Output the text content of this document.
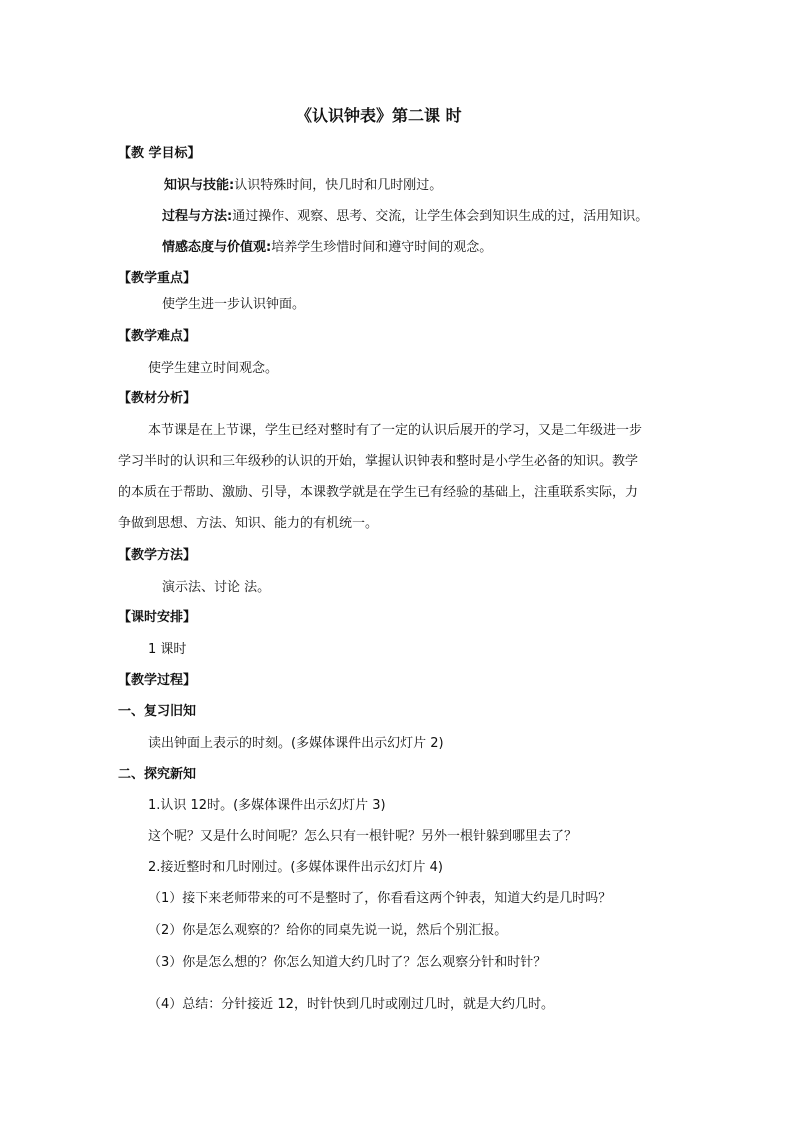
《认识钟表》第二课 时
【教 学目标】
知识与技能:认识特殊时间，快几时和几时刚过。
过程与方法:通过操作、观察、思考、交流，让学生体会到知识生成的过，活用知识。
情感态度与价值观:培养学生珍惜时间和遵守时间的观念。
【教学重点】
使学生进一步认识钟面。
【教学难点】
使学生建立时间观念。
【教材分析】
本节课是在上节课，学生已经对整时有了一定的认识后展开的学习，又是二年级进一步
学习半时的认识和三年级秒的认识的开始，掌握认识钟表和整时是小学生必备的知识。教学
的本质在于帮助、激励、引导，本课教学就是在学生已有经验的基础上，注重联系实际，力
争做到思想、方法、知识、能力的有机统一。
【教学方法】
演示法、讨论 法。
【课时安排】
1 课时
【教学过程】
一、复习旧知
读出钟面上表示的时刻。(多媒体课件出示幻灯片 2)
二、探究新知
1.认识 12时。(多媒体课件出示幻灯片 3)
这个呢？又是什么时间呢？怎么只有一根针呢？另外一根针躲到哪里去了？
2.接近整时和几时刚过。(多媒体课件出示幻灯片 4)
（1）接下来老师带来的可不是整时了，你看看这两个钟表，知道大约是几时吗？
（2）你是怎么观察的？给你的同桌先说一说，然后个别汇报。
（3）你是怎么想的？你怎么知道大约几时了？怎么观察分针和时针？
（4）总结：分针接近 12，时针快到几时或刚过几时，就是大约几时。
